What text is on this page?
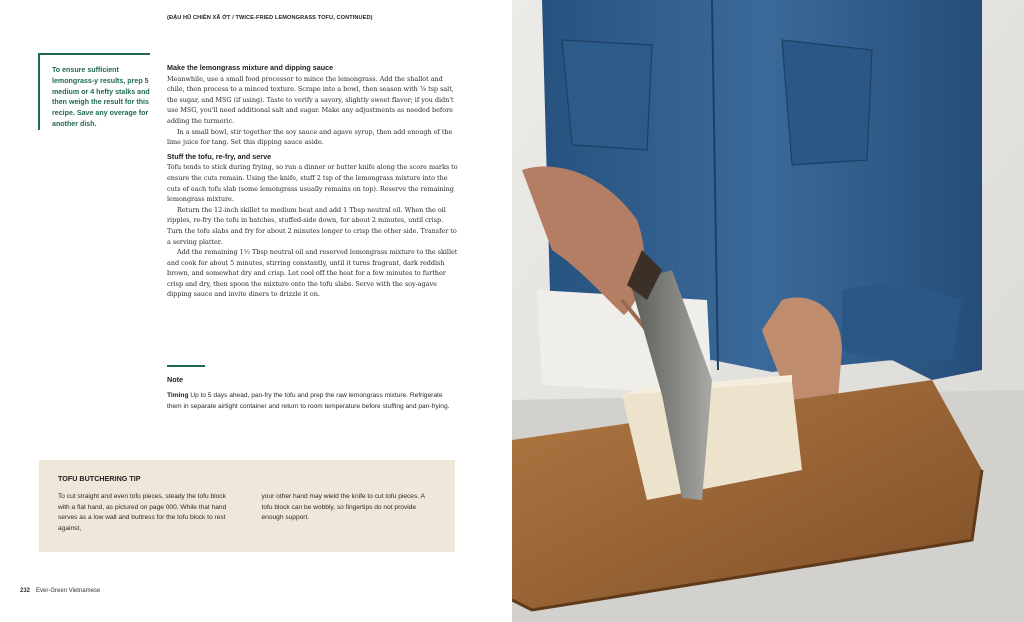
(ĐẬU HŨ CHIÊN XÃ ỚT / TWICE-FRIED LEMONGRASS TOFU, CONTINUED)

To ensure sufficient lemongrass-y results, prep 5 medium or 4 hefty stalks and then weigh the result for this recipe. Save any overage for another dish.

Make the lemongrass mixture and dipping sauce

Meanwhile, use a small food processor to mince the lemongrass. Add the shallot and chile, then process to a minced texture. Scrape into a bowl, then season with ⅞ tsp salt, the sugar, and MSG (if using). Taste to verify a savory, slightly sweet flavor; if you didn't use MSG, you'll need additional salt and sugar. Make any adjustments as needed before adding the turmeric.

In a small bowl, stir together the soy sauce and agave syrup, then add enough of the lime juice for tang. Set this dipping sauce aside.

Stuff the tofu, re-fry, and serve

Tofu tends to stick during frying, so run a dinner or butter knife along the score marks to ensure the cuts remain. Using the knife, stuff 2 tsp of the lemongrass mixture into the cuts of each tofu slab (some lemongrass usually remains on top). Reserve the remaining lemongrass mixture.

Return the 12-inch skillet to medium heat and add 1 Tbsp neutral oil. When the oil ripples, re-fry the tofu in batches, stuffed-side down, for about 2 minutes, until crisp. Turn the tofu slabs and fry for about 2 minutes longer to crisp the other side. Transfer to a serving platter.

Add the remaining 1½ Tbsp neutral oil and reserved lemongrass mixture to the skillet and cook for about 5 minutes, stirring constantly, until it turns fragrant, dark reddish brown, and somewhat dry and crisp. Let cool off the heat for a few minutes to further crisp and dry, then spoon the mixture onto the tofu slabs. Serve with the soy-agave dipping sauce and invite diners to drizzle it on.

Note

Timing Up to 5 days ahead, pan-fry the tofu and prep the raw lemongrass mixture. Refrigerate them in separate airtight container and return to room temperature before stuffing and pan-frying.

TOFU BUTCHERING TIP

To cut straight and even tofu pieces, steady the tofu block with a flat hand, as pictured on page 000. While that hand serves as a low wall and buttress for the tofu block to rest against,

your other hand may wield the knife to cut tofu pieces. A tofu block can be wobbly, so fingertips do not provide enough support.

232 Ever-Green Vietnamese
